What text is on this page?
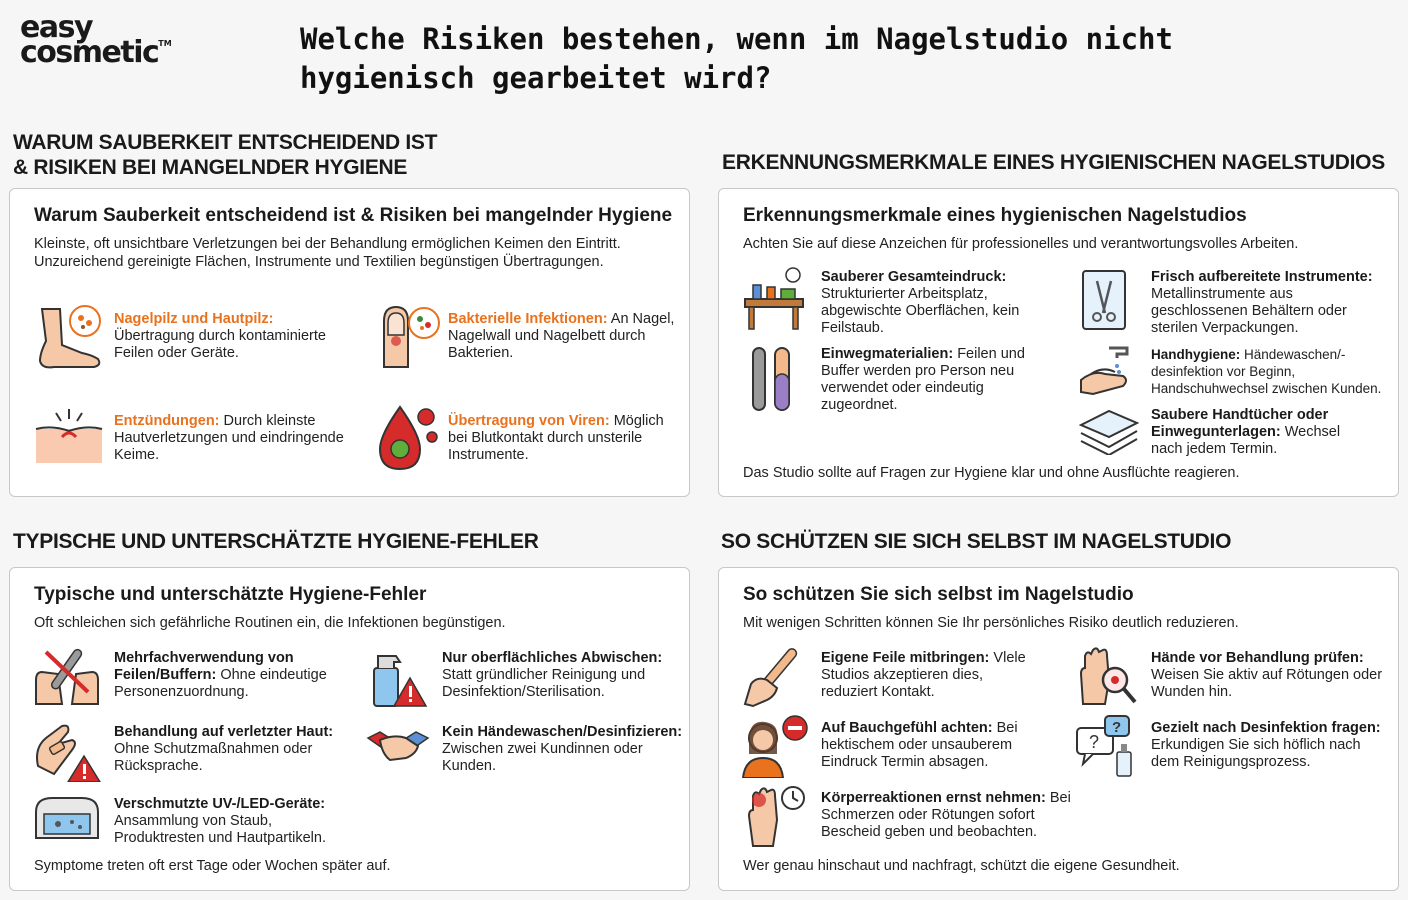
easy
cosmetic™	Welche Risiken bestehen, wenn im Nagelstudio nicht hygienisch gearbeitet wird?
WARUM SAUBERKEIT ENTSCHEIDEND IST & RISIKEN BEI MANGELNDER HYGIENE	ERKENNUNGSMERKMALE EINES HYGIENISCHEN NAGELSTUDIOS
TYPISCHE UND UNTERSCHÄTZTE HYGIENE-FEHLER	SO SCHÜTZEN SIE SICH SELBST IM NAGELSTUDIO
Warum Sauberkeit entscheidend ist & Risiken bei mangelnder Hygiene
Kleinste, oft unsichtbare Verletzungen bei der Behandlung ermöglichen Keimen den Eintritt. Unzureichend gereinigte Flächen, Instrumente und Textilien begünstigen Übertragungen.
Nagelpilz und Hautpilz: Übertragung durch kontaminierte Feilen oder Geräte.
Bakterielle Infektionen: An Nagel, Nagelwall und Nagelbett durch Bakterien.
Entzündungen: Durch kleinste Hautverletzungen und eindringende Keime.
Übertragung von Viren: Möglich bei Blutkontakt durch unsterile Instrumente.
Erkennungsmerkmale eines hygienischen Nagelstudios
Achten Sie auf diese Anzeichen für professionelles und verantwortungsvolles Arbeiten.
Sauberer Gesamteindruck: Strukturierter Arbeitsplatz, abgewischte Oberflächen, kein Feilstaub.
Frisch aufbereitete Instrumente: Metallinstrumente aus geschlossenen Behältern oder sterilen Verpackungen.
Einwegmaterialien: Feilen und Buffer werden pro Person neu verwendet oder eindeutig zugeordnet.
Handhygiene: Händewaschen/-desinfektion vor Beginn, Handschuhwechsel zwischen Kunden.
Saubere Handtücher oder Einwegunterlagen: Wechsel nach jedem Termin.
Das Studio sollte auf Fragen zur Hygiene klar und ohne Ausflüchte reagieren.
Typische und unterschätzte Hygiene-Fehler
Oft schleichen sich gefährliche Routinen ein, die Infektionen begünstigen.
Mehrfachverwendung von Feilen/Buffern: Ohne eindeutige Personenzuordnung.
Nur oberflächliches Abwischen: Statt gründlicher Reinigung und Desinfektion/Sterilisation.
Behandlung auf verletzter Haut: Ohne Schutzmaßnahmen oder Rücksprache.
Kein Händewaschen/Desinfizieren: Zwischen zwei Kundinnen oder Kunden.
Verschmutzte UV-/LED-Geräte: Ansammlung von Staub, Produktresten und Hautpartikeln.
Symptome treten oft erst Tage oder Wochen später auf.
So schützen Sie sich selbst im Nagelstudio
Mit wenigen Schritten können Sie Ihr persönliches Risiko deutlich reduzieren.
Eigene Feile mitbringen: Vlele Studios akzeptieren dies, reduziert Kontakt.
Hände vor Behandlung prüfen: Weisen Sie aktiv auf Rötungen oder Wunden hin.
Auf Bauchgefühl achten: Bei hektischem oder unsauberem Eindruck Termin absagen.
?
? Gezielt nach Desinfektion fragen: Erkundigen Sie sich höflich nach dem Reinigungsprozess.
Körperreaktionen ernst nehmen: Bei Schmerzen oder Rötungen sofort Bescheid geben und beobachten.
Wer genau hinschaut und nachfragt, schützt die eigene Gesundheit.
